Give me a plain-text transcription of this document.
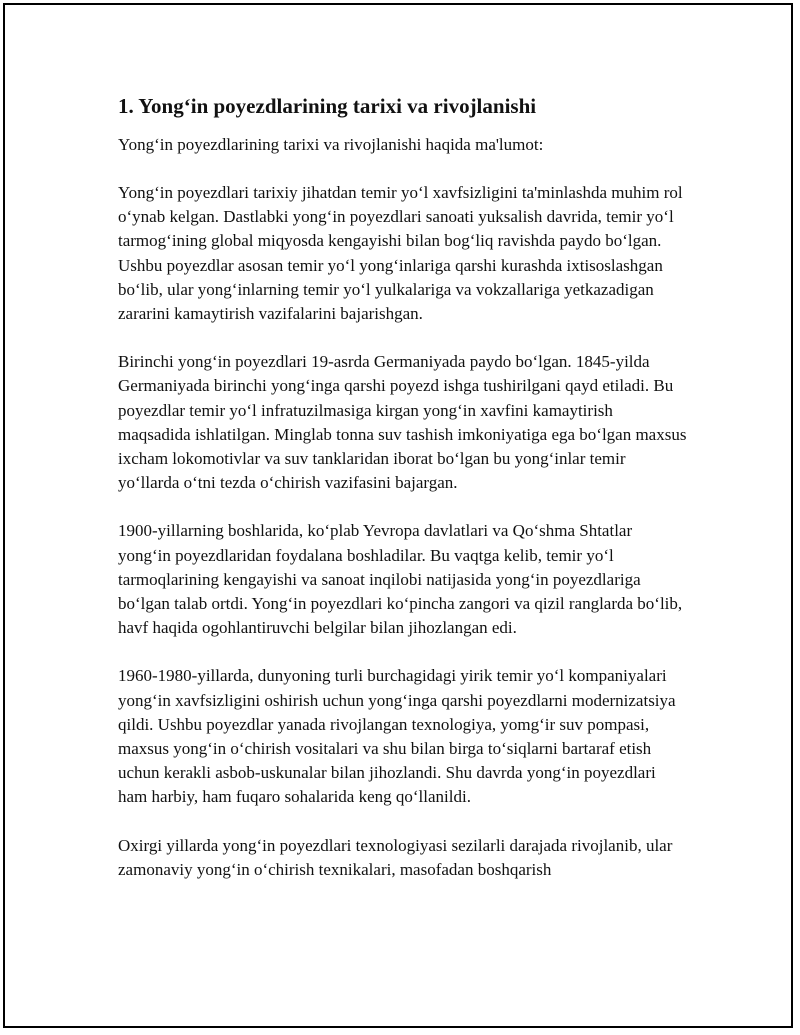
1. Yong‘in poyezdlarining tarixi va rivojlanishi

Yong‘in poyezdlarining tarixi va rivojlanishi haqida ma'lumot:

Yong‘in poyezdlari tarixiy jihatdan temir yo‘l xavfsizligini ta'minlashda muhim rol o‘ynab kelgan. Dastlabki yong‘in poyezdlari sanoati yuksalish davrida, temir yo‘l tarmog‘ining global miqyosda kengayishi bilan bog‘liq ravishda paydo bo‘lgan. Ushbu poyezdlar asosan temir yo‘l yong‘inlariga qarshi kurashda ixtisoslashgan bo‘lib, ular yong‘inlarning temir yo‘l yulkalariga va vokzallariga yetkazadigan zararini kamaytirish vazifalarini bajarishgan.

Birinchi yong‘in poyezdlari 19-asrda Germaniyada paydo bo‘lgan. 1845-yilda Germaniyada birinchi yong‘inga qarshi poyezd ishga tushirilgani qayd etiladi. Bu poyezdlar temir yo‘l infratuzilmasiga kirgan yong‘in xavfini kamaytirish maqsadida ishlatilgan. Minglab tonna suv tashish imkoniyatiga ega bo‘lgan maxsus ixcham lokomotivlar va suv tanklaridan iborat bo‘lgan bu yong‘inlar temir yo‘llarda o‘tni tezda o‘chirish vazifasini bajargan.

1900-yillarning boshlarida, ko‘plab Yevropa davlatlari va Qo‘shma Shtatlar yong‘in poyezdlaridan foydalana boshladilar. Bu vaqtga kelib, temir yo‘l tarmoqlarining kengayishi va sanoat inqilobi natijasida yong‘in poyezdlariga bo‘lgan talab ortdi. Yong‘in poyezdlari ko‘pincha zangori va qizil ranglarda bo‘lib, havf haqida ogohlantiruvchi belgilar bilan jihozlangan edi.

1960-1980-yillarda, dunyoning turli burchagidagi yirik temir yo‘l kompaniyalari yong‘in xavfsizligini oshirish uchun yong‘inga qarshi poyezdlarni modernizatsiya qildi. Ushbu poyezdlar yanada rivojlangan texnologiya, yomg‘ir suv pompasi, maxsus yong‘in o‘chirish vositalari va shu bilan birga to‘siqlarni bartaraf etish uchun kerakli asbob-uskunalar bilan jihozlandi. Shu davrda yong‘in poyezdlari ham harbiy, ham fuqaro sohalarida keng qo‘llanildi.

Oxirgi yillarda yong‘in poyezdlari texnologiyasi sezilarli darajada rivojlanib, ular zamonaviy yong‘in o‘chirish texnikalari, masofadan boshqarish
